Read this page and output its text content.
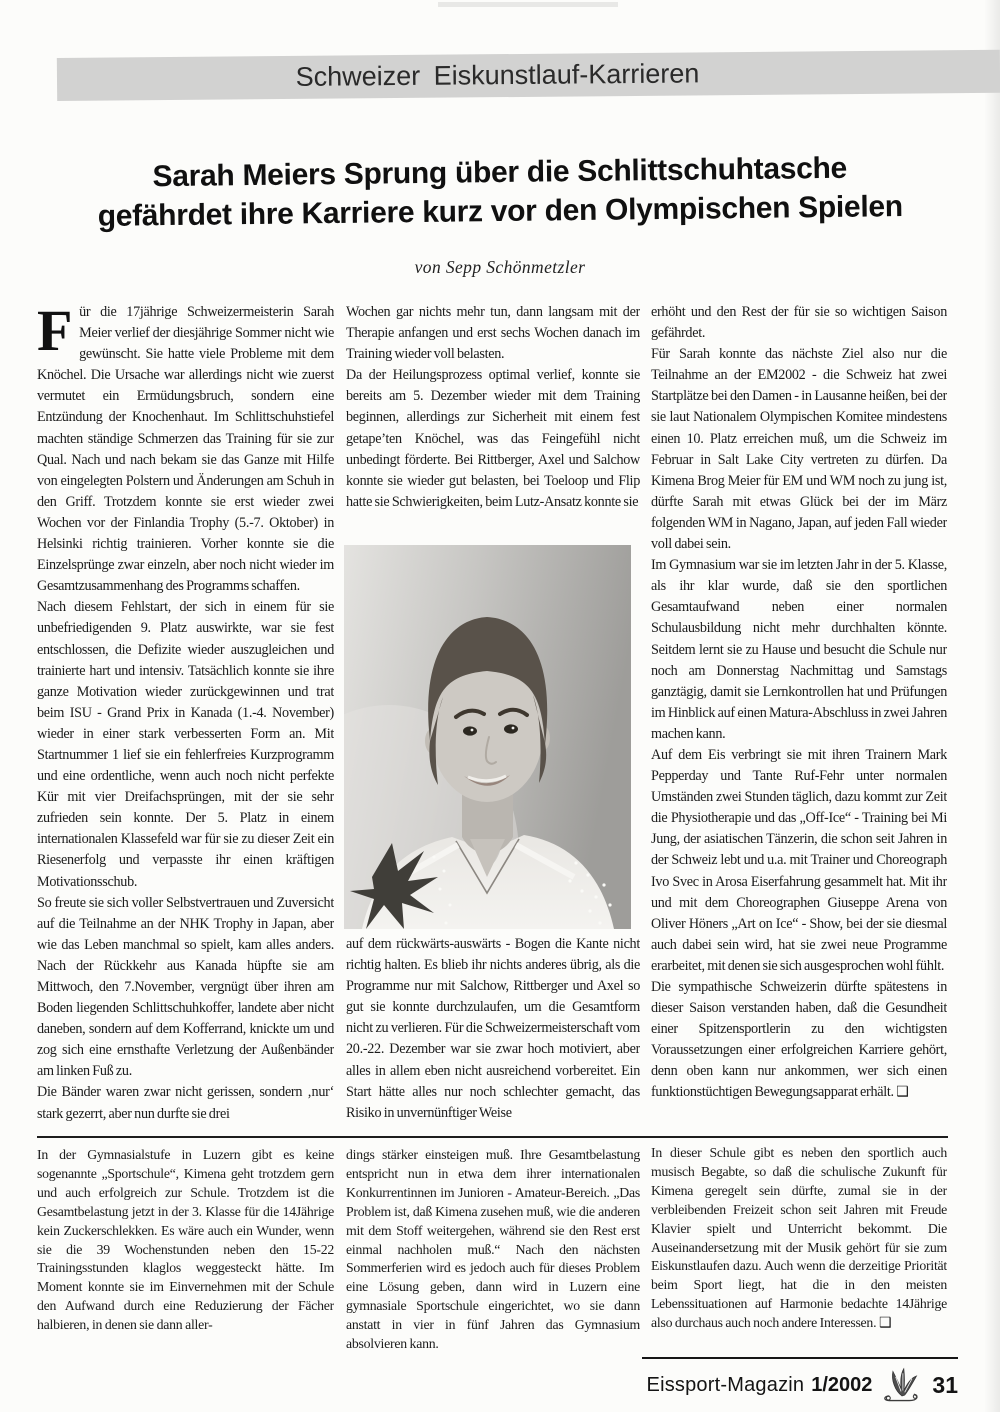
Schweizer Eiskunstlauf-Karrieren
Sarah Meiers Sprung über die Schlittschuhtasche
gefährdet ihre Karriere kurz vor den Olympischen Spielen
von Sepp Schönmetzler

Für die 17jährige Schweizermeisterin Sarah Meier verlief der diesjährige Sommer nicht wie gewünscht. Sie hatte viele Probleme mit dem Knöchel. Die Ursache war allerdings nicht wie zuerst vermutet ein Ermüdungsbruch, sondern eine Entzündung der Knochenhaut. Im Schlittschuhstiefel machten ständige Schmerzen das Training für sie zur Qual. Nach und nach bekam sie das Ganze mit Hilfe von eingelegten Polstern und Änderungen am Schuh in den Griff. Trotzdem konnte sie erst wieder zwei Wochen vor der Finlandia Trophy (5.-7. Oktober) in Helsinki richtig trainieren. Vorher konnte sie die Einzelsprünge zwar einzeln, aber noch nicht wieder im Gesamtzusammenhang des Programms schaffen.

Nach diesem Fehlstart, der sich in einem für sie unbefriedigenden 9. Platz auswirkte, war sie fest entschlossen, die Defizite wieder auszugleichen und trainierte hart und intensiv. Tatsächlich konnte sie ihre ganze Motivation wieder zurückgewinnen und trat beim ISU - Grand Prix in Kanada (1.-4. November) wieder in einer stark verbesserten Form an. Mit Startnummer 1 lief sie ein fehlerfreies Kurzprogramm und eine ordentliche, wenn auch noch nicht perfekte Kür mit vier Dreifachsprüngen, mit der sie sehr zufrieden sein konnte. Der 5. Platz in einem internationalen Klassefeld war für sie zu dieser Zeit ein Riesenerfolg und verpasste ihr einen kräftigen Motivationsschub.

So freute sie sich voller Selbstvertrauen und Zuversicht auf die Teilnahme an der NHK Trophy in Japan, aber wie das Leben manchmal so spielt, kam alles anders. Nach der Rückkehr aus Kanada hüpfte sie am Mittwoch, den 7.November, vergnügt über ihren am Boden liegenden Schlittschuhkoffer, landete aber nicht daneben, sondern auf dem Kofferrand, knickte um und zog sich eine ernsthafte Verletzung der Außenbänder am linken Fuß zu.

Die Bänder waren zwar nicht gerissen, sondern ‚nur‘ stark gezerrt, aber nun durfte sie drei

Wochen gar nichts mehr tun, dann langsam mit der Therapie anfangen und erst sechs Wochen danach im Training wieder voll belasten.

Da der Heilungsprozess optimal verlief, konnte sie bereits am 5. Dezember wieder mit dem Training beginnen, allerdings zur Sicherheit mit einem fest getape’ten Knöchel, was das Feingefühl nicht unbedingt förderte. Bei Rittberger, Axel und Salchow konnte sie wieder gut belasten, bei Toeloop und Flip hatte sie Schwierigkeiten, beim Lutz-Ansatz konnte sie

auf dem rückwärts-auswärts - Bogen die Kante nicht richtig halten. Es blieb ihr nichts anderes übrig, als die Programme nur mit Salchow, Rittberger und Axel so gut sie konnte durchzulaufen, um die Gesamtform nicht zu verlieren. Für die Schweizermeisterschaft vom 20.-22. Dezember war sie zwar hoch motiviert, aber alles in allem eben nicht ausreichend vorbereitet. Ein Start hätte alles nur noch schlechter gemacht, das Risiko in unvernünftiger Weise

erhöht und den Rest der für sie so wichtigen Saison gefährdet.

Für Sarah konnte das nächste Ziel also nur die Teilnahme an der EM2002 - die Schweiz hat zwei Startplätze bei den Damen - in Lausanne heißen, bei der sie laut Nationalem Olympischen Komitee mindestens einen 10. Platz erreichen muß, um die Schweiz im Februar in Salt Lake City vertreten zu dürfen. Da Kimena Brog Meier für EM und WM noch zu jung ist, dürfte Sarah mit etwas Glück bei der im März folgenden WM in Nagano, Japan, auf jeden Fall wieder voll dabei sein.

Im Gymnasium war sie im letzten Jahr in der 5. Klasse, als ihr klar wurde, daß sie den sportlichen Gesamtaufwand neben einer normalen Schulausbildung nicht mehr durchhalten könnte. Seitdem lernt sie zu Hause und besucht die Schule nur noch am Donnerstag Nachmittag und Samstags ganztägig, damit sie Lernkontrollen hat und Prüfungen im Hinblick auf einen Matura-Abschluss in zwei Jahren machen kann.

Auf dem Eis verbringt sie mit ihren Trainern Mark Pepperday und Tante Ruf-Fehr unter normalen Umständen zwei Stunden täglich, dazu kommt zur Zeit die Physiotherapie und das „Off-Ice“ - Training bei Mi Jung, der asiatischen Tänzerin, die schon seit Jahren in der Schweiz lebt und u.a. mit Trainer und Choreograph Ivo Svec in Arosa Eiserfahrung gesammelt hat. Mit ihr und mit dem Choreographen Giuseppe Arena von Oliver Höners „Art on Ice“ - Show, bei der sie diesmal auch dabei sein wird, hat sie zwei neue Programme erarbeitet, mit denen sie sich ausgesprochen wohl fühlt.

Die sympathische Schweizerin dürfte spätestens in dieser Saison verstanden haben, daß die Gesundheit einer Spitzensportlerin zu den wichtigsten Voraussetzungen einer erfolgreichen Karriere gehört, denn oben kann nur ankommen, wer sich einen funktionstüchtigen Bewegungsapparat erhält. ❑

In der Gymnasialstufe in Luzern gibt es keine sogenannte „Sportschule“, Kimena geht trotzdem gern und auch erfolgreich zur Schule. Trotzdem ist die Gesamtbelastung jetzt in der 3. Klasse für die 14Jährige kein Zuckerschlekken. Es wäre auch ein Wunder, wenn sie die 39 Wochenstunden neben den 15-22 Trainingsstunden klaglos weggesteckt hätte. Im Moment konnte sie im Einvernehmen mit der Schule den Aufwand durch eine Reduzierung der Fächer halbieren, in denen sie dann aller-

dings stärker einsteigen muß. Ihre Gesamtbelastung entspricht nun in etwa dem ihrer internationalen Konkurrentinnen im Junioren - Amateur-Bereich. „Das Problem ist, daß Kimena zusehen muß, wie die anderen mit dem Stoff weitergehen, während sie den Rest erst einmal nachholen muß.“ Nach den nächsten Sommerferien wird es jedoch auch für dieses Problem eine Lösung geben, dann wird in Luzern eine gymnasiale Sportschule eingerichtet, wo sie dann anstatt in vier in fünf Jahren das Gymnasium absolvieren kann.

In dieser Schule gibt es neben den sportlich auch musisch Begabte, so daß die schulische Zukunft für Kimena geregelt sein dürfte, zumal sie in der verbleibenden Freizeit schon seit Jahren mit Freude Klavier spielt und Unterricht bekommt. Die Auseinandersetzung mit der Musik gehört für sie zum Eiskunstlaufen dazu. Auch wenn die derzeitige Priorität beim Sport liegt, hat die in den meisten Lebenssituationen auf Harmonie bedachte 14Jährige also durchaus auch noch andere Interessen. ❑

Eissport-Magazin 1/2002	31
